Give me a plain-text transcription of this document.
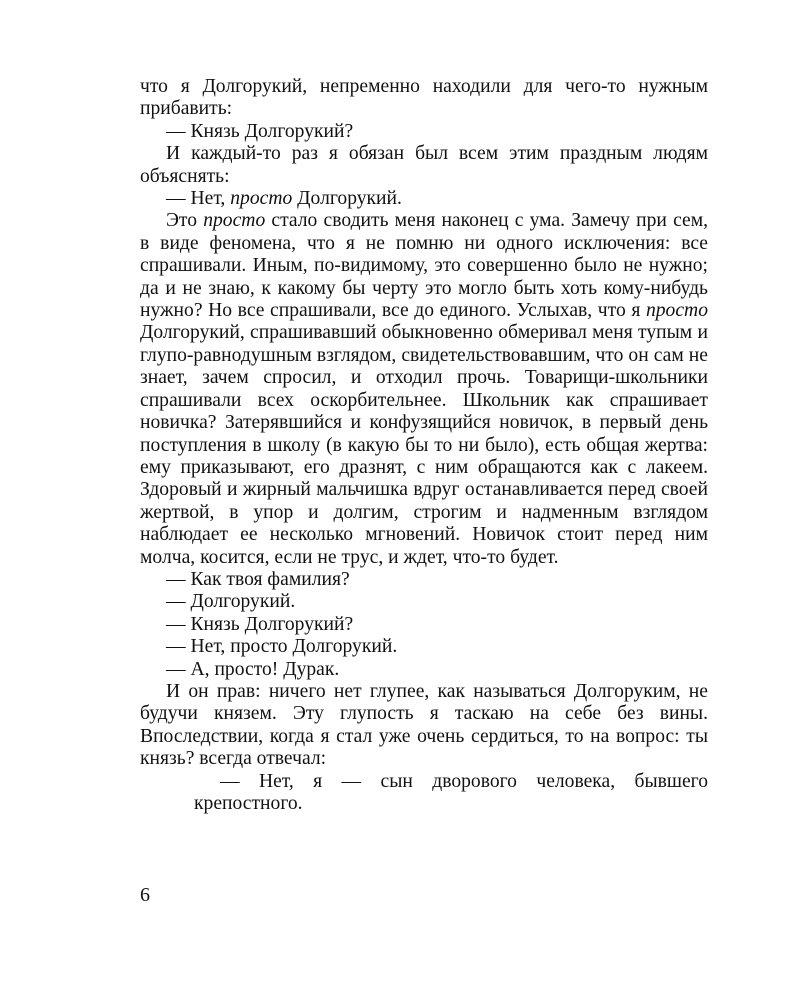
что я Долгорукий, непременно находили для чего-то нужным прибавить:

— Князь Долгорукий?

И каждый-то раз я обязан был всем этим праздным людям объяснять:

— Нет, просто Долгорукий.

Это просто стало сводить меня наконец с ума. Замечу при сем, в виде феномена, что я не помню ни одного исключения: все спрашивали. Иным, по-видимому, это совершенно было не нужно; да и не знаю, к какому бы черту это могло быть хоть кому-нибудь нужно? Но все спрашивали, все до единого. Услыхав, что я просто Долгорукий, спрашивавший обыкновенно обмеривал меня тупым и глупо-равнодушным взглядом, свидетельствовавшим, что он сам не знает, зачем спросил, и отходил прочь. Товарищи-школьники спрашивали всех оскорбительнее. Школьник как спрашивает новичка? Затерявшийся и конфузящийся новичок, в первый день поступления в школу (в какую бы то ни было), есть общая жертва: ему приказывают, его дразнят, с ним обращаются как с лакеем. Здоровый и жирный мальчишка вдруг останавливается перед своей жертвой, в упор и долгим, строгим и надменным взглядом наблюдает ее несколько мгновений. Новичок стоит перед ним молча, косится, если не трус, и ждет, что-то будет.

— Как твоя фамилия?

— Долгорукий.

— Князь Долгорукий?

— Нет, просто Долгорукий.

— А, просто! Дурак.

И он прав: ничего нет глупее, как называться Долгоруким, не будучи князем. Эту глупость я таскаю на себе без вины. Впоследствии, когда я стал уже очень сердиться, то на вопрос: ты князь? всегда отвечал:

— Нет, я — сын дворового человека, бывшего крепостного.

6
